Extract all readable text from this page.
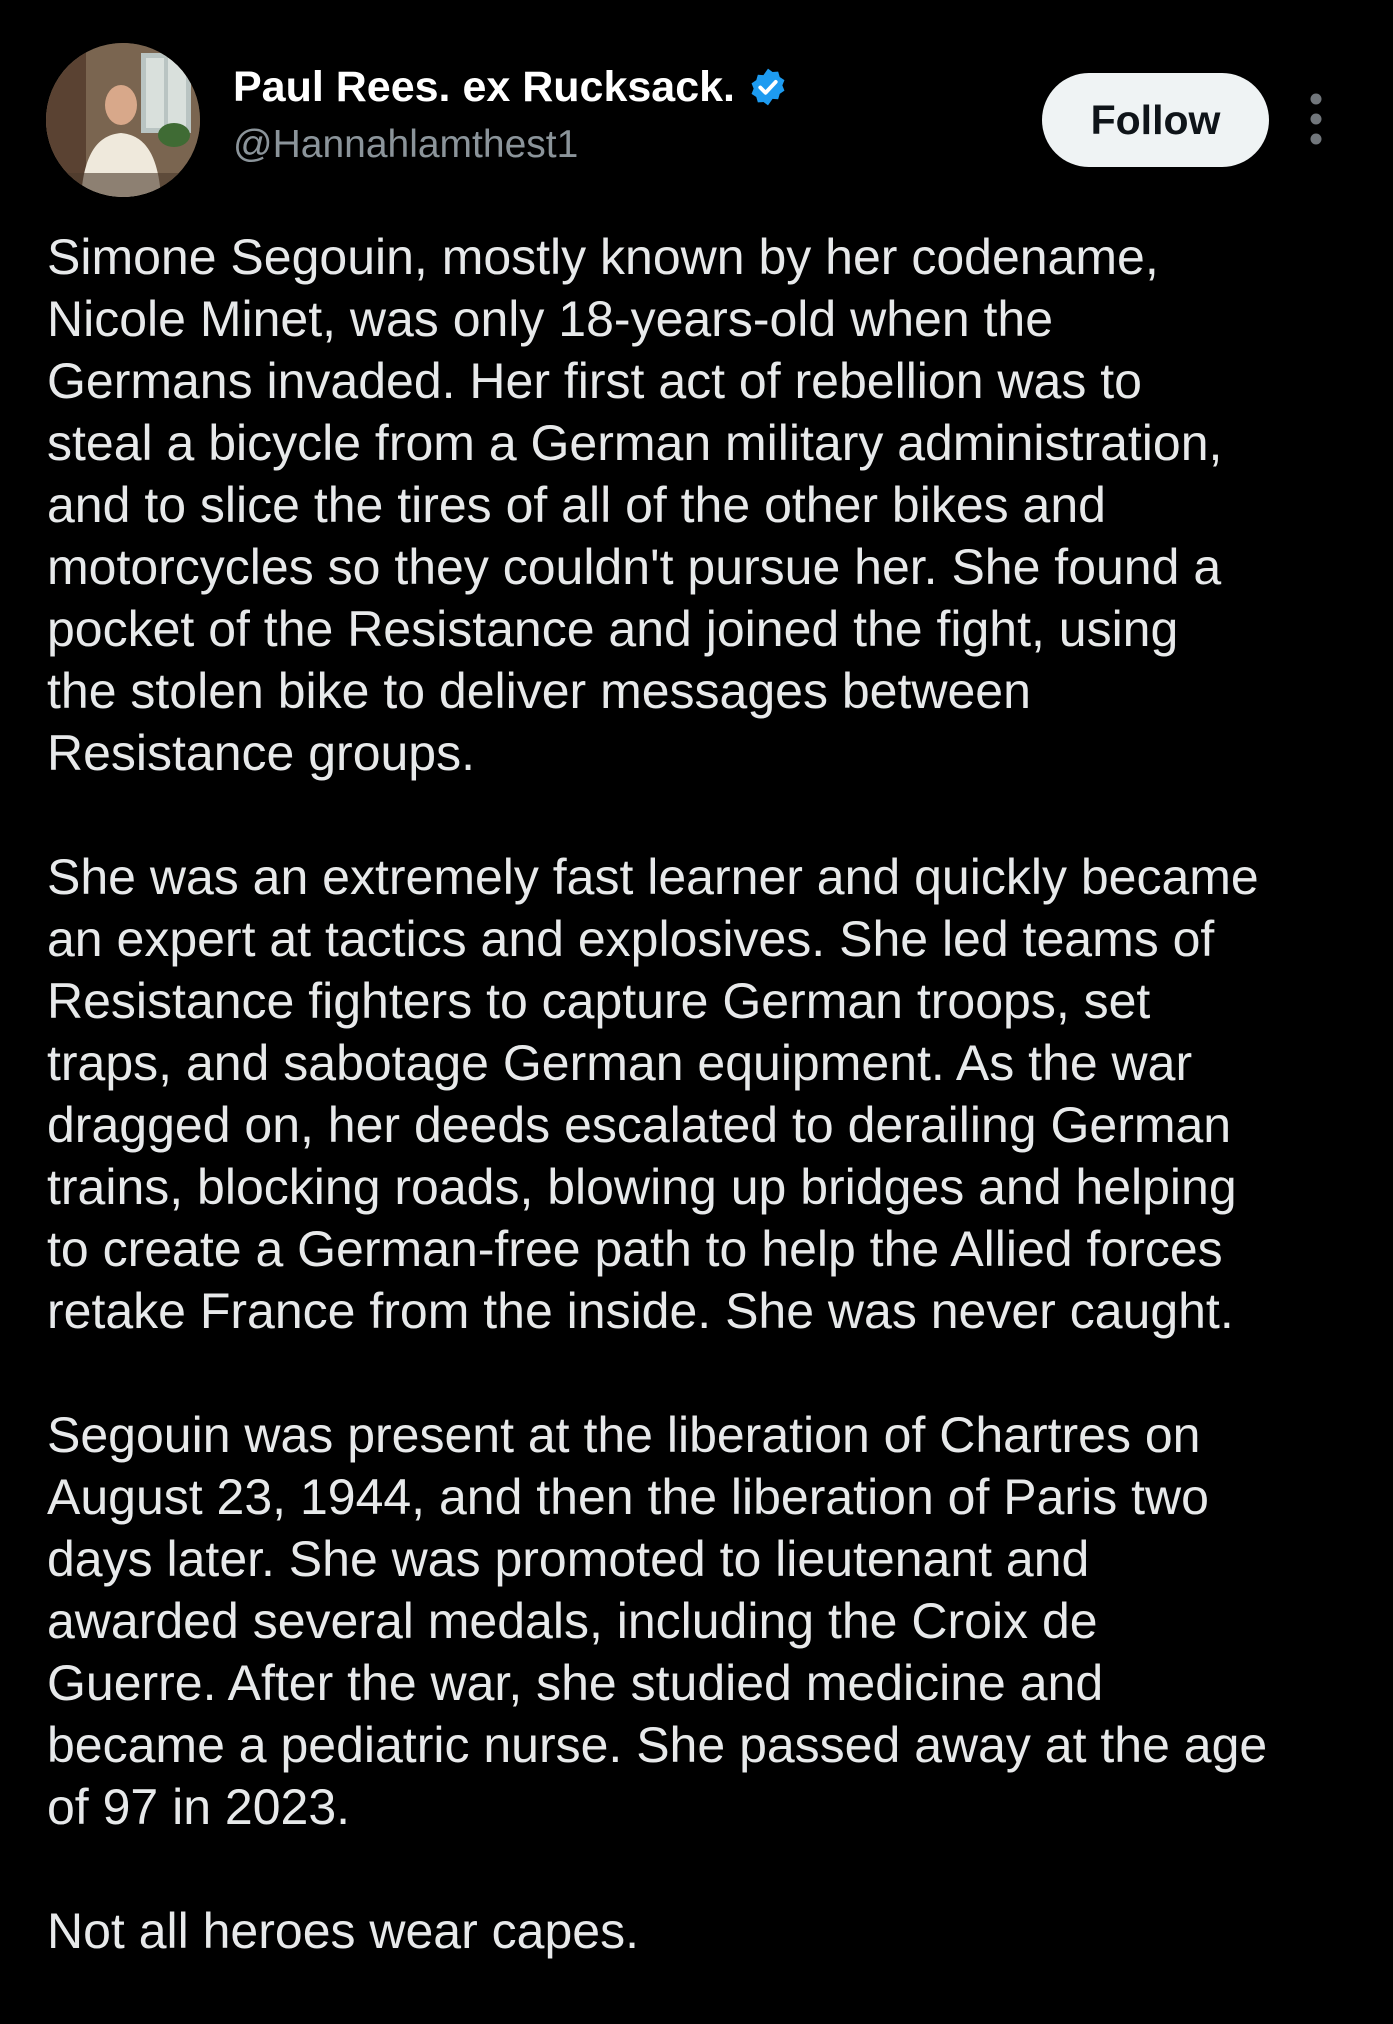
Paul Rees. ex Rucksack.
@Hannahlamthest1
Follow

Simone Segouin, mostly known by her codename,
Nicole Minet, was only 18-years-old when the
Germans invaded. Her first act of rebellion was to
steal a bicycle from a German military administration,
and to slice the tires of all of the other bikes and
motorcycles so they couldn't pursue her. She found a
pocket of the Resistance and joined the fight, using
the stolen bike to deliver messages between
Resistance groups.

She was an extremely fast learner and quickly became
an expert at tactics and explosives. She led teams of
Resistance fighters to capture German troops, set
traps, and sabotage German equipment. As the war
dragged on, her deeds escalated to derailing German
trains, blocking roads, blowing up bridges and helping
to create a German-free path to help the Allied forces
retake France from the inside. She was never caught.

Segouin was present at the liberation of Chartres on
August 23, 1944, and then the liberation of Paris two
days later. She was promoted to lieutenant and
awarded several medals, including the Croix de
Guerre. After the war, she studied medicine and
became a pediatric nurse. She passed away at the age
of 97 in 2023.

Not all heroes wear capes.
